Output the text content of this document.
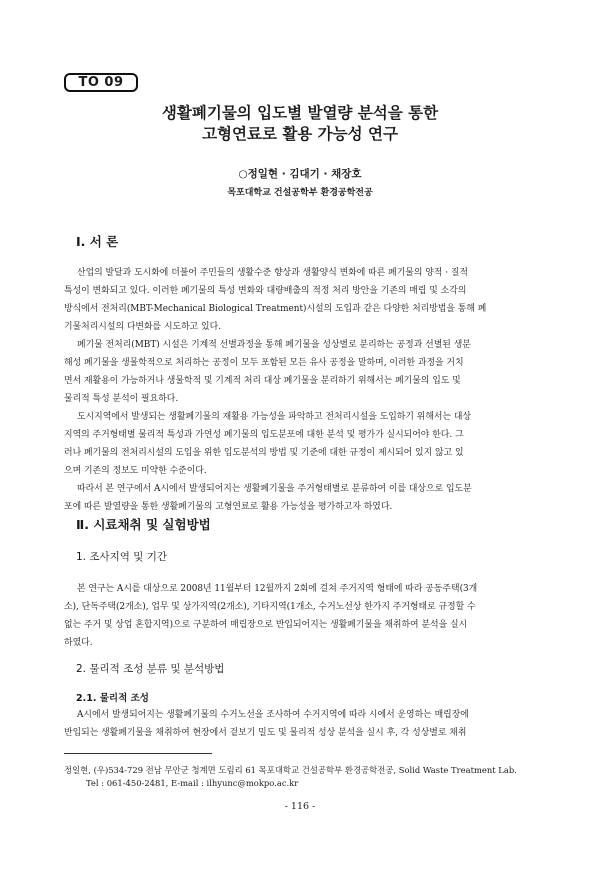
TO 09
생활폐기물의 입도별 발열량 분석을 통한
고형연료로 활용 가능성 연구
○정일현 · 김대기 · 채장호
목포대학교 건설공학부 환경공학전공
Ⅰ. 서 론
산업의 발달과 도시화에 더불어 주민들의 생활수준 향상과 생활양식 변화에 따른 폐기물의 양적 · 질적
특성이 변화되고 있다. 이러한 폐기물의 특성 변화와 대량배출의 적정 처리 방안을 기존의 매립 및 소각의
방식에서 전처리(MBT-Mechanical Biological Treatment)시설의 도입과 같은 다양한 처리방법을 통해 폐
기물처리시설의 다변화를 시도하고 있다.
폐기물 전처리(MBT) 시설은 기계적 선별과정을 통해 폐기물을 성상별로 분리하는 공정과 선별된 생분
해성 폐기물을 생물학적으로 처리하는 공정이 모두 포함된 모든 유사 공정을 말하며, 이러한 과정을 거치
면서 재활용이 가능하거나 생물학적 및 기계적 처리 대상 폐기물을 분리하기 위해서는 폐기물의 입도 및
물리적 특성 분석이 필요하다.
도시지역에서 발생되는 생활폐기물의 재활용 가능성을 파악하고 전처리시설을 도입하기 위해서는 대상
지역의 주거형태별 물리적 특성과 가연성 폐기물의 입도분포에 대한 분석 및 평가가 실시되어야 한다. 그
러나 폐기물의 전처리시설의 도입을 위한 입도분석의 방법 및 기준에 대한 규정이 제시되어 있지 않고 있
으며 기존의 정보도 미약한 수준이다.
따라서 본 연구에서 A시에서 발생되어지는 생활폐기물을 주거형태별로 분류하여 이를 대상으로 입도분
포에 따른 발열량을 통한 생활폐기물의 고형연료로 활용 가능성을 평가하고자 하였다.
Ⅱ. 시료채취 및 실험방법
1. 조사지역 및 기간
본 연구는 A시를 대상으로 2008년 11월부터 12월까지 2회에 걸쳐 주거지역 형태에 따라 공동주택(3개
소), 단독주택(2개소), 업무 및 상가지역(2개소), 기타지역(1개소, 수거노선상 한가지 주거형태로 규정할 수
없는 주거 및 상업 혼합지역)으로 구분하여 매립장으로 반입되어지는 생활폐기물을 채취하여 분석을 실시
하였다.
2. 물리적 조성 분류 및 분석방법
2.1. 물리적 조성
A시에서 발생되어지는 생활폐기물의 수거노선을 조사하여 수거지역에 따라 시에서 운영하는 매립장에
반입되는 생활폐기물을 채취하여 현장에서 겉보기 밀도 및 물리적 성상 분석을 실시 후, 각 성상별로 채취
정일현, (우)534-729 전남 무안군 청계면 도림리 61 목포대학교 건설공학부 환경공학전공, Solid Waste Treatment Lab.
Tel : 061-450-2481, E-mail : ilhyunc@mokpo.ac.kr
- 116 -
